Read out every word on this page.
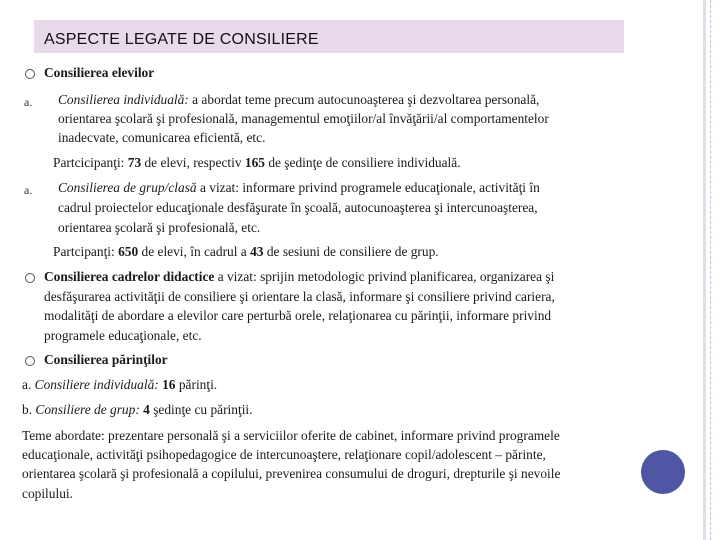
ASPECTE LEGATE DE CONSILIERE
Consilierea elevilor
a. Consilierea individuală: a abordat teme precum autocunoaşterea şi dezvoltarea personală,
orientarea şcolară şi profesională, managementul emoţiilor/al învăţării/al comportamentelor
inadecvate, comunicarea eficientă, etc.
Partcicipanţi: 73 de elevi, respectiv 165 de şedinţe de consiliere individuală.
a. Consilierea de grup/clasă a vizat: informare privind programele educaţionale, activităţi în
cadrul proiectelor educaţionale desfăşurate în şcoală, autocunoaşterea şi intercunoaşterea,
orientarea şcolară şi profesională, etc.
Partcipanţi: 650 de elevi, în cadrul a 43 de sesiuni de consiliere de grup.
Consilierea cadrelor didactice a vizat: sprijin metodologic privind planificarea, organizarea şi
desfăşurarea activităţii de consiliere şi orientare la clasă, informare şi consiliere privind cariera,
modalităţi de abordare a elevilor care perturbă orele, relaţionarea cu părinţii, informare privind
programele educaţionale, etc.
Consilierea părinţilor
a. Consiliere individuală: 16 părinţi.
b. Consiliere de grup: 4 şedinţe cu părinţii.
Teme abordate: prezentare personală şi a serviciilor oferite de cabinet, informare privind programele
educaţionale, activităţi psihopedagogice de intercunoaştere, relaţionare copil/adolescent – părinte,
orientarea şcolară şi profesională a copilului, prevenirea consumului de droguri, drepturile şi nevoile
copilului.
